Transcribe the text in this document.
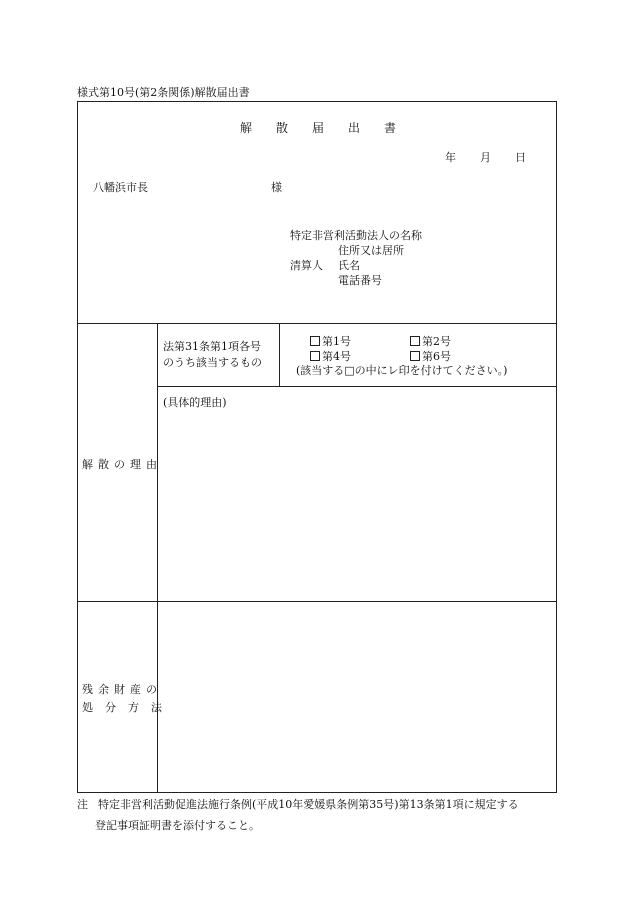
様式第10号(第2条関係)解散届出書
解 散 届 出 書
年 月 日
八幡浜市長	様
特定非営利活動法人の名称
住所又は居所
清算人 氏名
電話番号
法第31条第1項各号
のうち該当するもの
第1号	第2号
第4号	第6号
(該当する□の中にレ印を付けてください。)
解散の理由
(具体的理由)
残余財産の
処分方法
注 特定非営利活動促進法施行条例(平成10年愛媛県条例第35号)第13条第1項に規定する
登記事項証明書を添付すること。
